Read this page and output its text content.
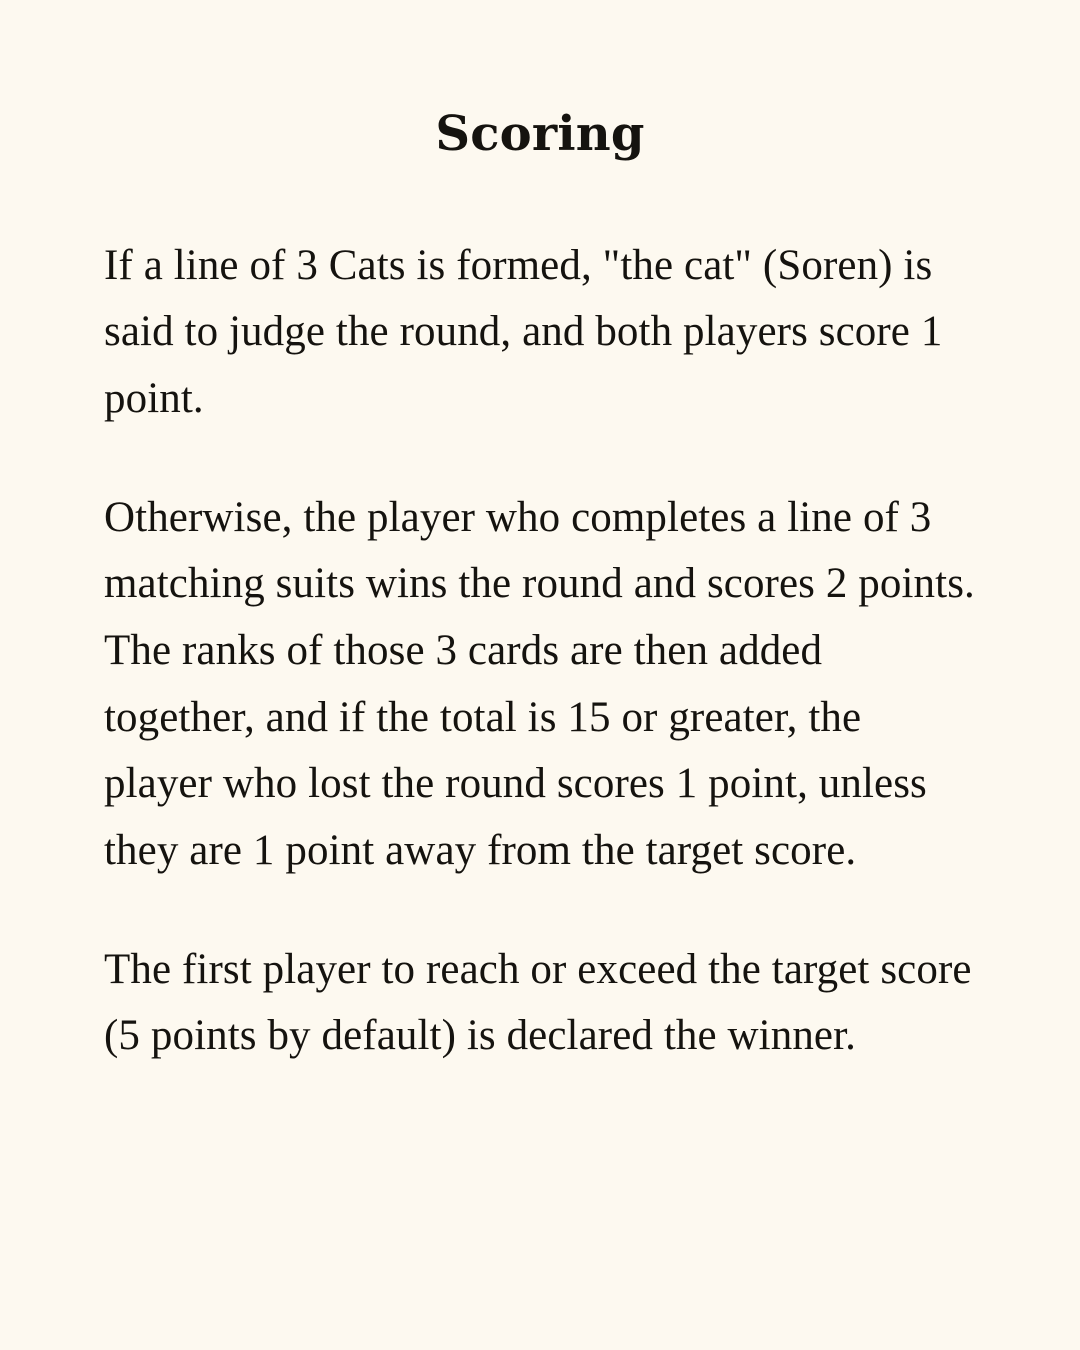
Scoring

If a line of 3 Cats is formed, "the cat" (Soren) is said to judge the round, and both players score 1 point.

Otherwise, the player who completes a line of 3 matching suits wins the round and scores 2 points. The ranks of those 3 cards are then added together, and if the total is 15 or greater, the player who lost the round scores 1 point, unless they are 1 point away from the target score.

The first player to reach or exceed the target score (5 points by default) is declared the winner.
